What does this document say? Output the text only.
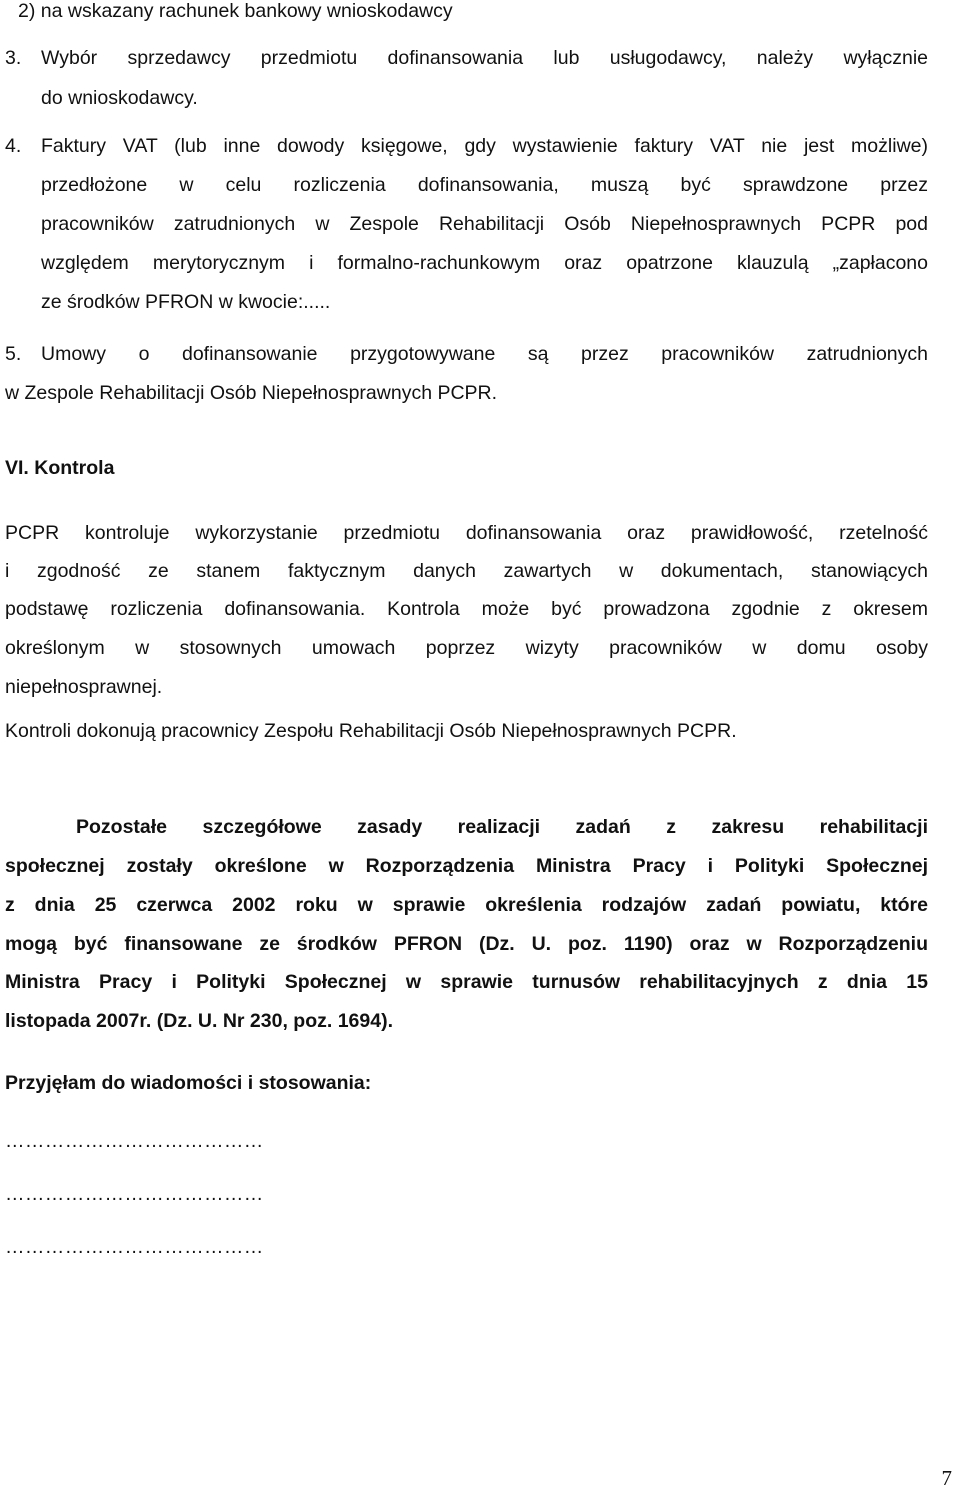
2) na wskazany rachunek bankowy wnioskodawcy
3. Wybór sprzedawcy przedmiotu dofinansowania lub usługodawcy, należy wyłącznie
do wnioskodawcy.
4. Faktury VAT (lub inne dowody księgowe, gdy wystawienie faktury VAT nie jest możliwe)
przedłożone w celu rozliczenia dofinansowania, muszą być sprawdzone przez
pracowników zatrudnionych w Zespole Rehabilitacji Osób Niepełnosprawnych PCPR pod
względem merytorycznym i formalno-rachunkowym oraz opatrzone klauzulą „zapłacono
ze środków PFRON w kwocie:.....
5. Umowy o dofinansowanie przygotowywane są przez pracowników zatrudnionych
w Zespole Rehabilitacji Osób Niepełnosprawnych PCPR.
VI. Kontrola
PCPR kontroluje wykorzystanie przedmiotu dofinansowania oraz prawidłowość, rzetelność
i zgodność ze stanem faktycznym danych zawartych w dokumentach, stanowiących
podstawę rozliczenia dofinansowania. Kontrola może być prowadzona zgodnie z okresem
określonym w stosownych umowach poprzez wizyty pracowników w domu osoby
niepełnosprawnej.
Kontroli dokonują pracownicy Zespołu Rehabilitacji Osób Niepełnosprawnych PCPR.
Pozostałe szczegółowe zasady realizacji zadań z zakresu rehabilitacji
społecznej zostały określone w Rozporządzenia Ministra Pracy i Polityki Społecznej
z dnia 25 czerwca 2002 roku w sprawie określenia rodzajów zadań powiatu, które
mogą być finansowane ze środków PFRON (Dz. U. poz. 1190) oraz w Rozporządzeniu
Ministra Pracy i Polityki Społecznej w sprawie turnusów rehabilitacyjnych z dnia 15
listopada 2007r. (Dz. U. Nr 230, poz. 1694).
Przyjęłam do wiadomości i stosowania:
…………………………………
…………………………………
…………………………………
7
